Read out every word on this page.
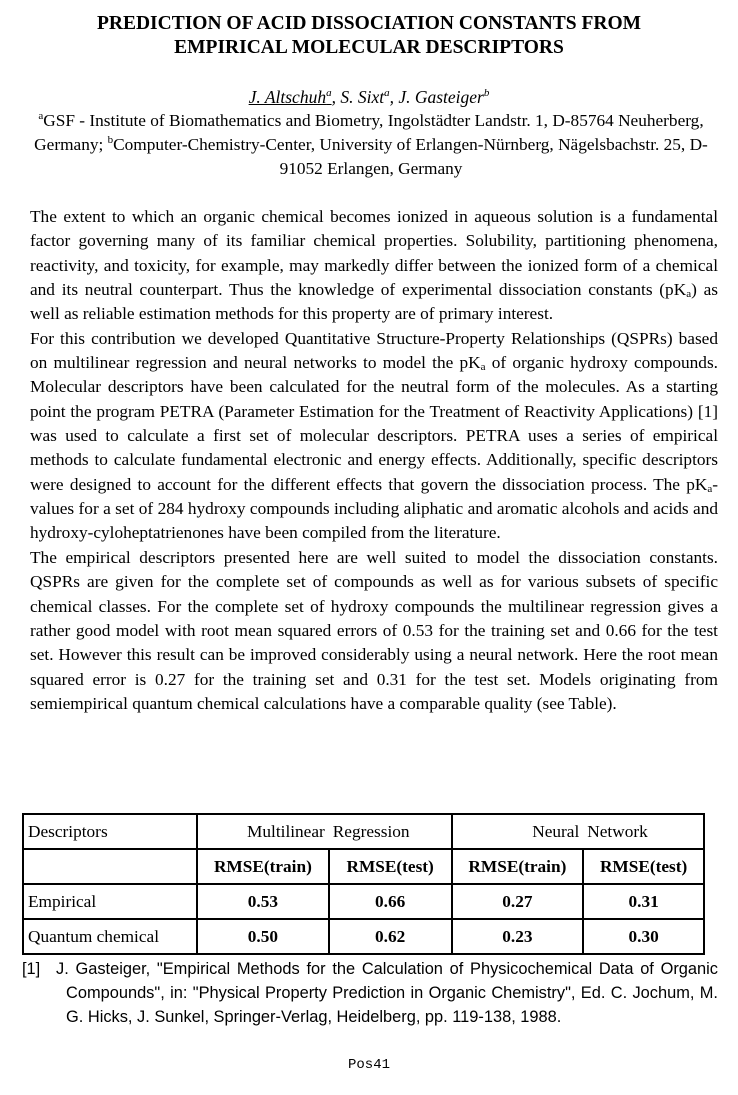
PREDICTION OF ACID DISSOCIATION CONSTANTS FROM
EMPIRICAL MOLECULAR DESCRIPTORS
J. Altschuh$^a$, S. Sixt$^a$, J. Gasteiger$^b$
$^a$GSF - Institute of Biomathematics and Biometry, Ingolstädter Landstr. 1, D-85764 Neuherberg, Germany; $^b$Computer-Chemistry-Center, University of Erlangen-Nürnberg, Nägelsbachstr. 25, D-91052 Erlangen, Germany

The extent to which an organic chemical becomes ionized in aqueous solution is a fundamental factor governing many of its familiar chemical properties. Solubility, partitioning phenomena, reactivity, and toxicity, for example, may markedly differ between the ionized form of a chemical and its neutral counterpart. Thus the knowledge of experimental dissociation constants $(pK_a)$ as well as reliable estimation methods for this property are of primary interest.

For this contribution we developed Quantitative Structure-Property Relationships (QSPRs) based on multilinear regression and neural networks to model the $pK_a$ of organic hydroxy compounds. Molecular descriptors have been calculated for the neutral form of the molecules. As a starting point the program PETRA (Parameter Estimation for the Treatment of Reactivity Applications) [1] was used to calculate a first set of molecular descriptors. PETRA uses a series of empirical methods to calculate fundamental electronic and energy effects. Additionally, specific descriptors were designed to account for the different effects that govern the dissociation process. The $pK_a$-values for a set of 284 hydroxy compounds including aliphatic and aromatic alcohols and acids and hydroxy-cyloheptatrienones have been compiled from the literature.

The empirical descriptors presented here are well suited to model the dissociation constants. QSPRs are given for the complete set of compounds as well as for various subsets of specific chemical classes. For the complete set of hydroxy compounds the multilinear regression gives a rather good model with root mean squared errors of 0.53 for the training set and 0.66 for the test set. However this result can be improved considerably using a neural network. Here the root mean squared error is 0.27 for the training set and 0.31 for the test set. Models originating from semiempirical quantum chemical calculations have a comparable quality (see Table).

Descriptors	Multilinear	Regression	Neural	Network
	RMSE(train)	RMSE(test)	RMSE(train)	RMSE(test)
Empirical	0.53	0.66	0.27	0.31
Quantum chemical	0.50	0.62	0.23	0.30
[1] J. Gasteiger, "Empirical Methods for the Calculation of Physicochemical Data of Organic Compounds", in: "Physical Property Prediction in Organic Chemistry", Ed. C. Jochum, M. G. Hicks, J. Sunkel, Springer-Verlag, Heidelberg, pp. 119-138, 1988.
Pos41
